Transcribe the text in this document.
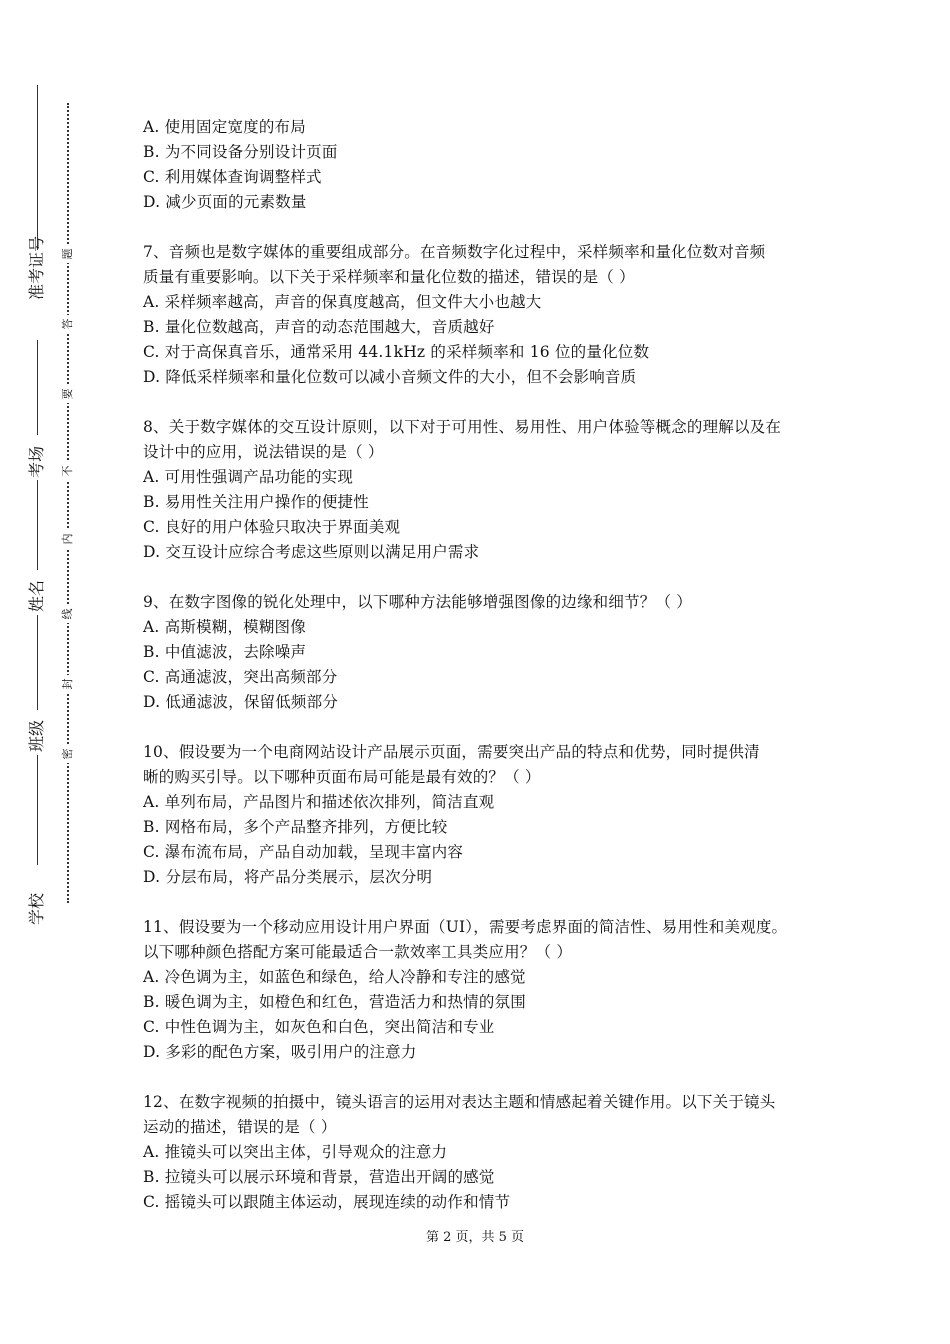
准考证号
考场
姓名
班级
学校
题
答
要
不
内
线
封
密
A. 使用固定宽度的布局
B. 为不同设备分别设计页面
C. 利用媒体查询调整样式
D. 减少页面的元素数量
7、音频也是数字媒体的重要组成部分。在音频数字化过程中，采样频率和量化位数对音频
质量有重要影响。以下关于采样频率和量化位数的描述，错误的是（ ）
A. 采样频率越高，声音的保真度越高，但文件大小也越大
B. 量化位数越高，声音的动态范围越大，音质越好
C. 对于高保真音乐，通常采用 44.1kHz 的采样频率和 16 位的量化位数
D. 降低采样频率和量化位数可以减小音频文件的大小，但不会影响音质
8、关于数字媒体的交互设计原则，以下对于可用性、易用性、用户体验等概念的理解以及在
设计中的应用，说法错误的是（ ）
A. 可用性强调产品功能的实现
B. 易用性关注用户操作的便捷性
C. 良好的用户体验只取决于界面美观
D. 交互设计应综合考虑这些原则以满足用户需求
9、在数字图像的锐化处理中，以下哪种方法能够增强图像的边缘和细节？（ ）
A. 高斯模糊，模糊图像
B. 中值滤波，去除噪声
C. 高通滤波，突出高频部分
D. 低通滤波，保留低频部分
10、假设要为一个电商网站设计产品展示页面，需要突出产品的特点和优势，同时提供清
晰的购买引导。以下哪种页面布局可能是最有效的？（ ）
A. 单列布局，产品图片和描述依次排列，简洁直观
B. 网格布局，多个产品整齐排列，方便比较
C. 瀑布流布局，产品自动加载，呈现丰富内容
D. 分层布局，将产品分类展示，层次分明
11、假设要为一个移动应用设计用户界面（UI），需要考虑界面的简洁性、易用性和美观度。
以下哪种颜色搭配方案可能最适合一款效率工具类应用？（ ）
A. 冷色调为主，如蓝色和绿色，给人冷静和专注的感觉
B. 暖色调为主，如橙色和红色，营造活力和热情的氛围
C. 中性色调为主，如灰色和白色，突出简洁和专业
D. 多彩的配色方案，吸引用户的注意力
12、在数字视频的拍摄中，镜头语言的运用对表达主题和情感起着关键作用。以下关于镜头
运动的描述，错误的是（ ）
A. 推镜头可以突出主体，引导观众的注意力
B. 拉镜头可以展示环境和背景，营造出开阔的感觉
C. 摇镜头可以跟随主体运动，展现连续的动作和情节
第 2 页，共 5 页
